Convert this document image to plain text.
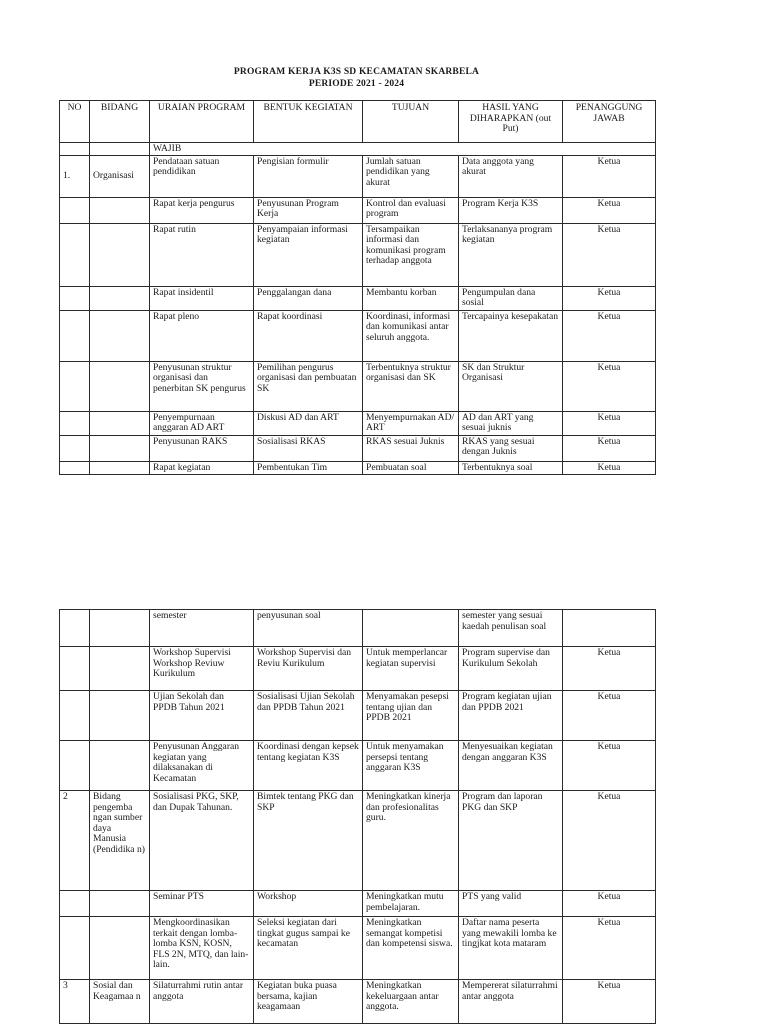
PROGRAM KERJA K3S SD KECAMATAN SKARBELA
PERIODE 2021 - 2024
NO	BIDANG	URAIAN PROGRAM	BENTUK KEGIATAN	TUJUAN	HASIL YANG DIHARAPKAN (out Put)	PENANGGUNG JAWAB
		WAJIB				
1.	Organisasi	Pendataan satuan pendidikan	Pengisian formulir	Jumlah satuan pendidikan yang akurat	Data anggota yang akurat	Ketua
		Rapat kerja pengurus	Penyusunan Program Kerja	Kontrol dan evaluasi program	Program Kerja K3S	Ketua
		Rapat rutin	Penyampaian informasi kegiatan	Tersampaikan informasi dan komunikasi program terhadap anggota	Terlaksananya program kegiatan	Ketua
		Rapat insidentil	Penggalangan dana	Membantu korban	Pengumpulan dana sosial	Ketua
		Rapat pleno	Rapat koordinasi	Koordinasi, informasi dan komunikasi antar seluruh anggota.	Tercapainya kesepakatan	Ketua
		Penyusunan struktur organisasi dan penerbitan SK pengurus	Pemilihan pengurus organisasi dan pembuatan SK	Terbentuknya struktur organisasi dan SK	SK dan Struktur Organisasi	Ketua
		Penyempurnaan anggaran AD ART	Diskusi AD dan ART	Menyempurnakan AD/ ART	AD dan ART yang sesuai juknis	Ketua
		Penyusunan RAKS	Sosialisasi RKAS	RKAS sesuai Juknis	RKAS yang sesuai dengan Juknis	Ketua
		Rapat kegiatan	Pembentukan Tim	Pembuatan soal	Terbentuknya soal	Ketua
		semester	penyusunan soal		semester yang sesuai kaedah penulisan soal	
		Workshop Supervisi Workshop Reviuw Kurikulum	Workshop Supervisi dan Reviu Kurikulum	Untuk memperlancar kegiatan supervisi	Program supervise dan Kurikulum Sekolah	Ketua
		Ujian Sekolah dan PPDB Tahun 2021	Sosialisasi Ujian Sekolah dan PPDB Tahun 2021	Menyamakan pesepsi tentang ujian dan PPDB 2021	Program kegiatan ujian dan PPDB 2021	Ketua
		Penyusunan Anggaran kegiatan yang dilaksanakan di Kecamatan	Koordinasi dengan kepsek tentang kegiatan K3S	Untuk menyamakan persepsi tentang anggaran K3S	Menyesuaikan kegiatan dengan anggaran K3S	Ketua
2	Bidang pengemba ngan sumber daya Manusia (Pendidika n)	Sosialisasi PKG, SKP, dan Dupak Tahunan.	Bimtek tentang PKG dan SKP	Meningkatkan kinerja dan profesionalitas guru.	Program dan laporan PKG dan SKP	Ketua
		Seminar PTS	Workshop	Meningkatkan mutu pembelajaran.	PTS yang valid	Ketua
		Mengkoordinasikan terkait dengan lomba-lomba KSN, KOSN, FLS 2N, MTQ, dan lain-lain.	Seleksi kegiatan dari tingkat gugus sampai ke kecamatan	Meningkatkan semangat kompetisi dan kompetensi siswa.	Daftar nama peserta yang mewakili lomba ke tingjkat kota mataram	Ketua
3	Sosial dan Keagamaa n	Silaturrahmi rutin antar anggota	Kegiatan buka puasa bersama, kajian keagamaan	Meningkatkan kekeluargaan antar anggota.	Mempererat silaturrahmi antar anggota	Ketua
